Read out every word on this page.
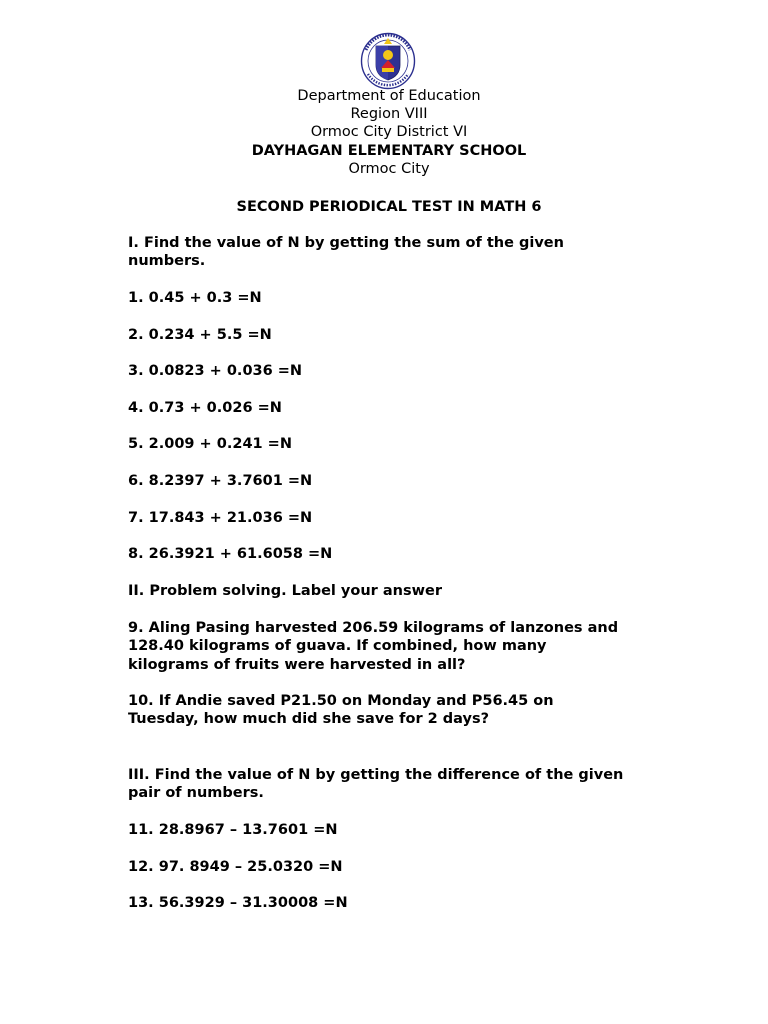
Department of Education
Region VIII
Ormoc City District VI
DAYHAGAN ELEMENTARY SCHOOL
Ormoc City
SECOND PERIODICAL TEST IN MATH 6

I. Find the value of N by getting the sum of the given numbers.

1. 0.45 + 0.3 =N

2. 0.234 + 5.5 =N

3. 0.0823 + 0.036 =N

4. 0.73 + 0.026 =N

5. 2.009 + 0.241 =N

6. 8.2397 + 3.7601 =N

7. 17.843 + 21.036 =N

8. 26.3921 + 61.6058 =N

II. Problem solving. Label your answer

9. Aling Pasing harvested 206.59 kilograms of lanzones and 128.40 kilograms of guava. If combined, how many kilograms of fruits were harvested in all?

10. If Andie saved P21.50 on Monday and P56.45 on Tuesday, how much did she save for 2 days?

III. Find the value of N by getting the difference of the given pair of numbers.

11. 28.8967 – 13.7601 =N

12. 97. 8949 – 25.0320 =N

13. 56.3929 – 31.30008 =N
